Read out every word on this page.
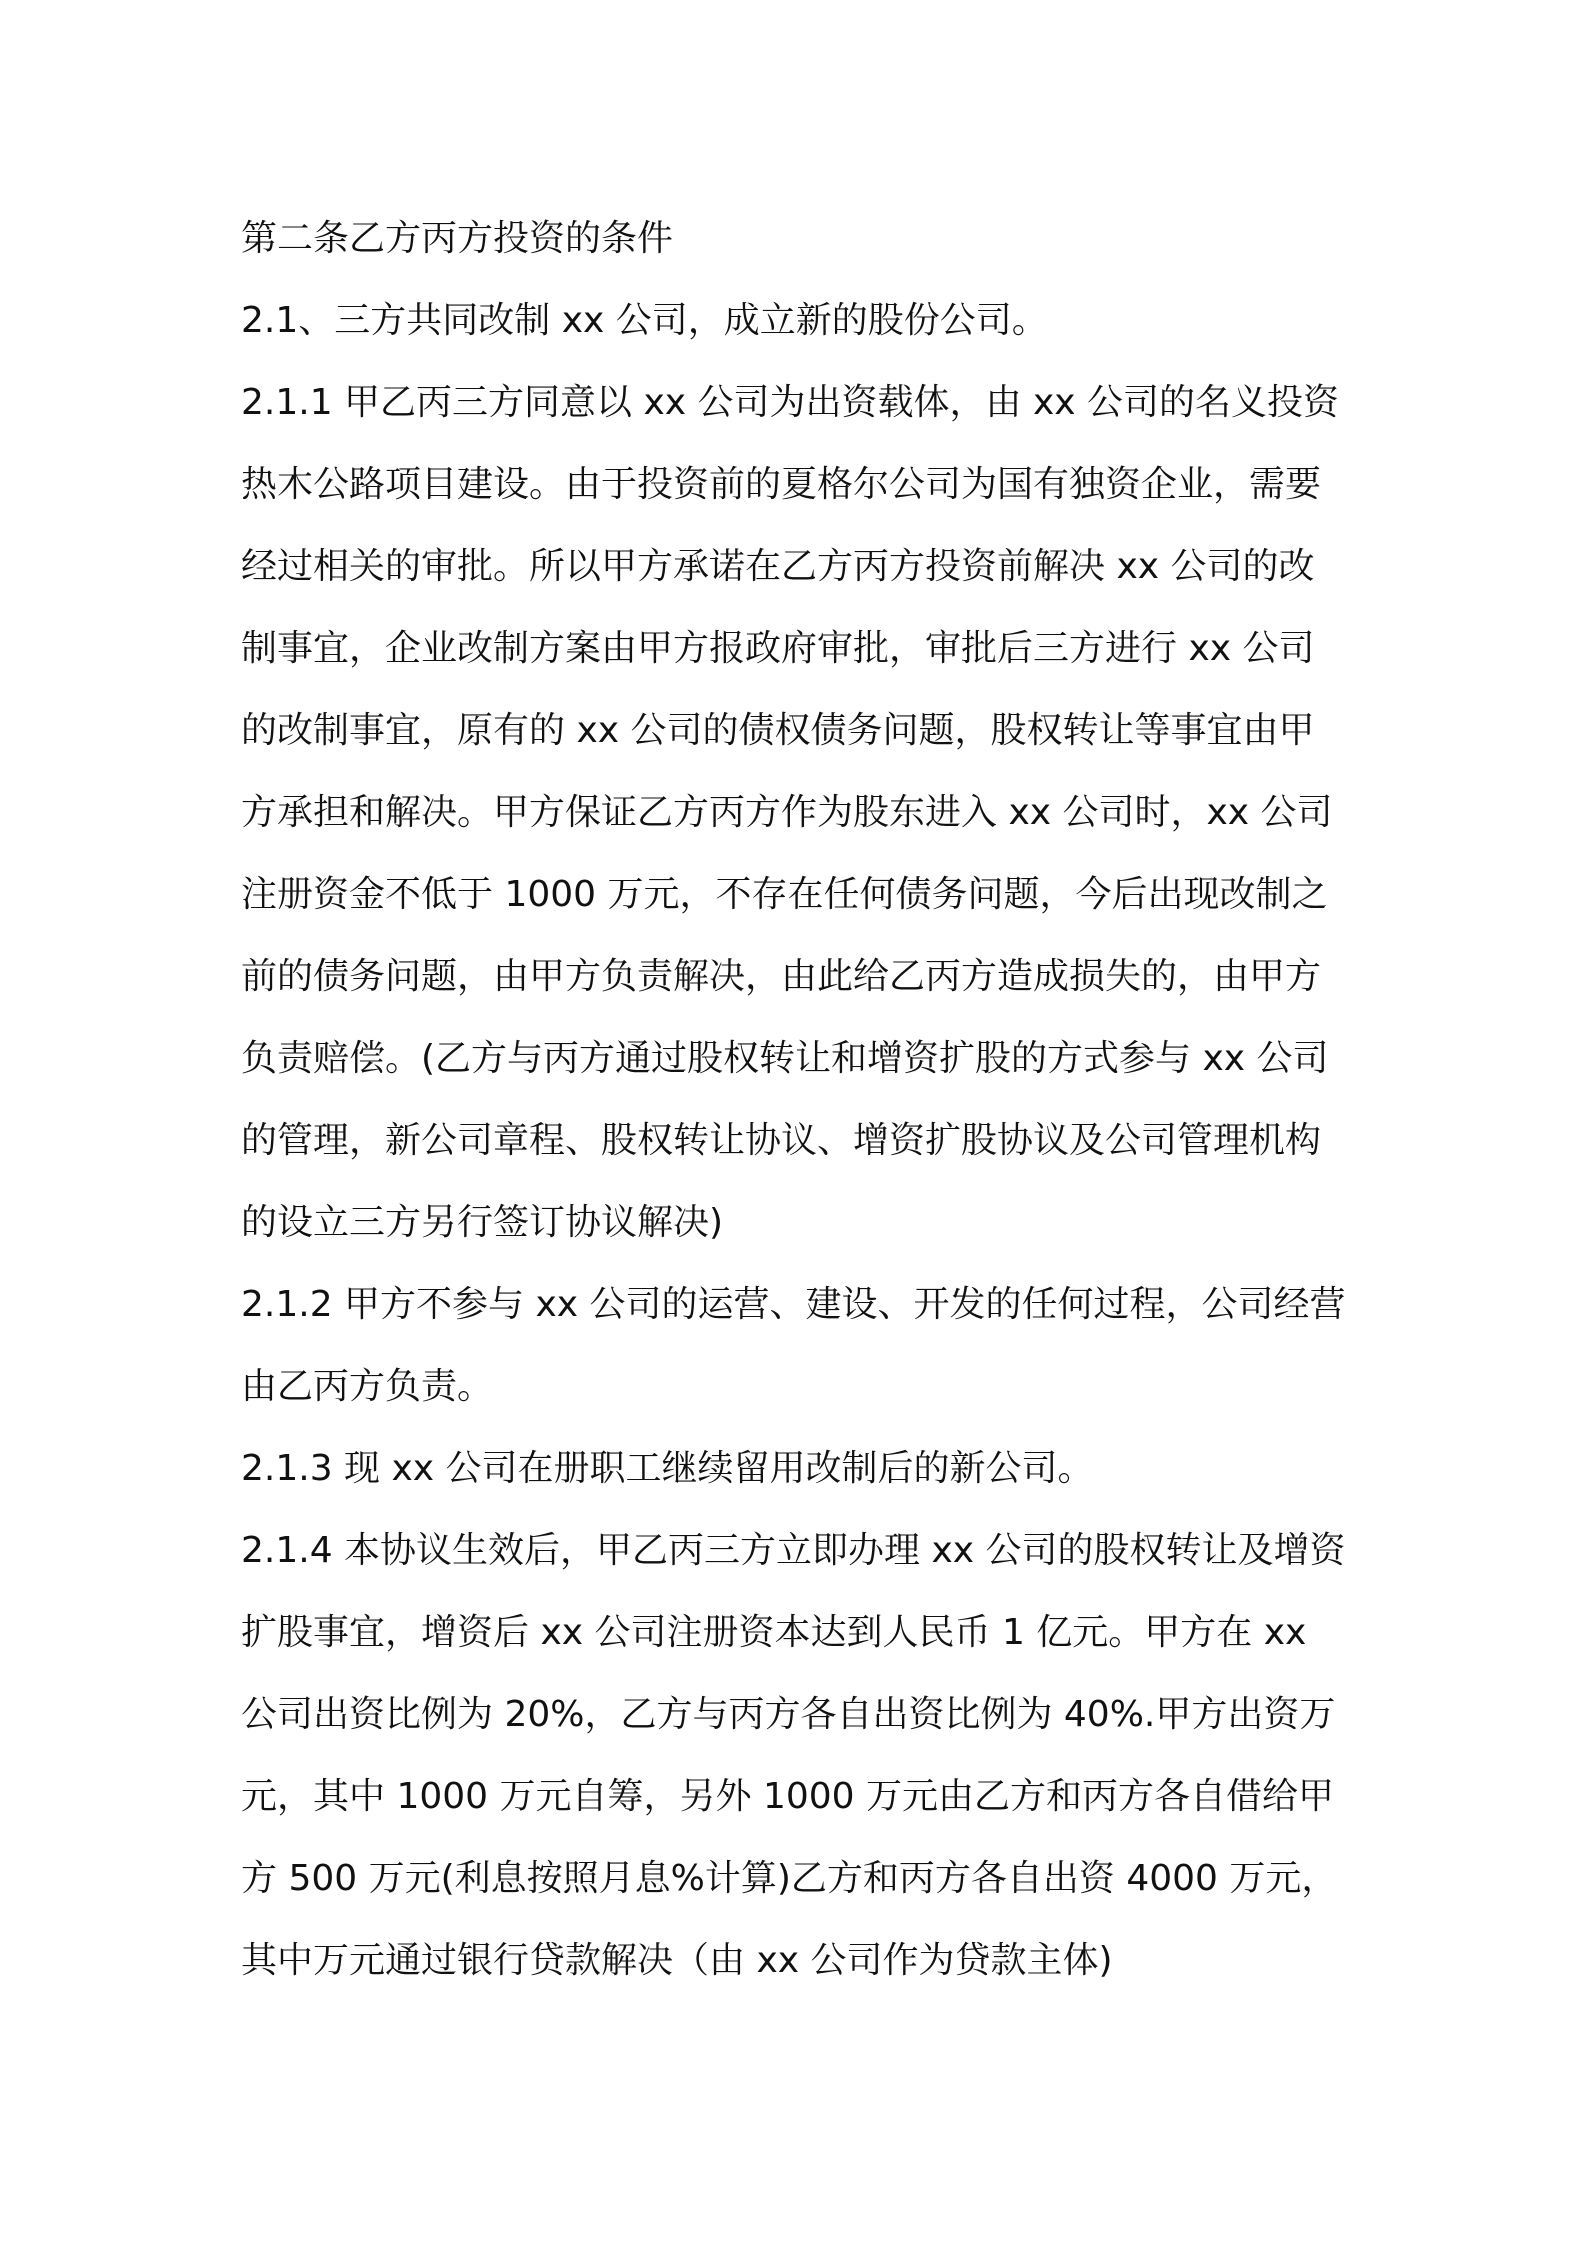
第二条乙方丙方投资的条件

2.1、三方共同改制 xx 公司，成立新的股份公司。

2.1.1 甲乙丙三方同意以 xx 公司为出资载体，由 xx 公司的名义投资
热木公路项目建设。由于投资前的夏格尔公司为国有独资企业，需要
经过相关的审批。所以甲方承诺在乙方丙方投资前解决 xx 公司的改
制事宜，企业改制方案由甲方报政府审批，审批后三方进行 xx 公司
的改制事宜，原有的 xx 公司的债权债务问题，股权转让等事宜由甲
方承担和解决。甲方保证乙方丙方作为股东进入 xx 公司时，xx 公司
注册资金不低于 1000 万元，不存在任何债务问题，今后出现改制之
前的债务问题，由甲方负责解决，由此给乙丙方造成损失的，由甲方
负责赔偿。(乙方与丙方通过股权转让和增资扩股的方式参与 xx 公司
的管理，新公司章程、股权转让协议、增资扩股协议及公司管理机构
的设立三方另行签订协议解决)

2.1.2 甲方不参与 xx 公司的运营、建设、开发的任何过程，公司经营
由乙丙方负责。

2.1.3 现 xx 公司在册职工继续留用改制后的新公司。

2.1.4 本协议生效后，甲乙丙三方立即办理 xx 公司的股权转让及增资
扩股事宜，增资后 xx 公司注册资本达到人民币 1 亿元。甲方在 xx
公司出资比例为 20%，乙方与丙方各自出资比例为 40%.甲方出资万
元，其中 1000 万元自筹，另外 1000 万元由乙方和丙方各自借给甲
方 500 万元(利息按照月息%计算)乙方和丙方各自出资 4000 万元，
其中万元通过银行贷款解决（由 xx 公司作为贷款主体)
